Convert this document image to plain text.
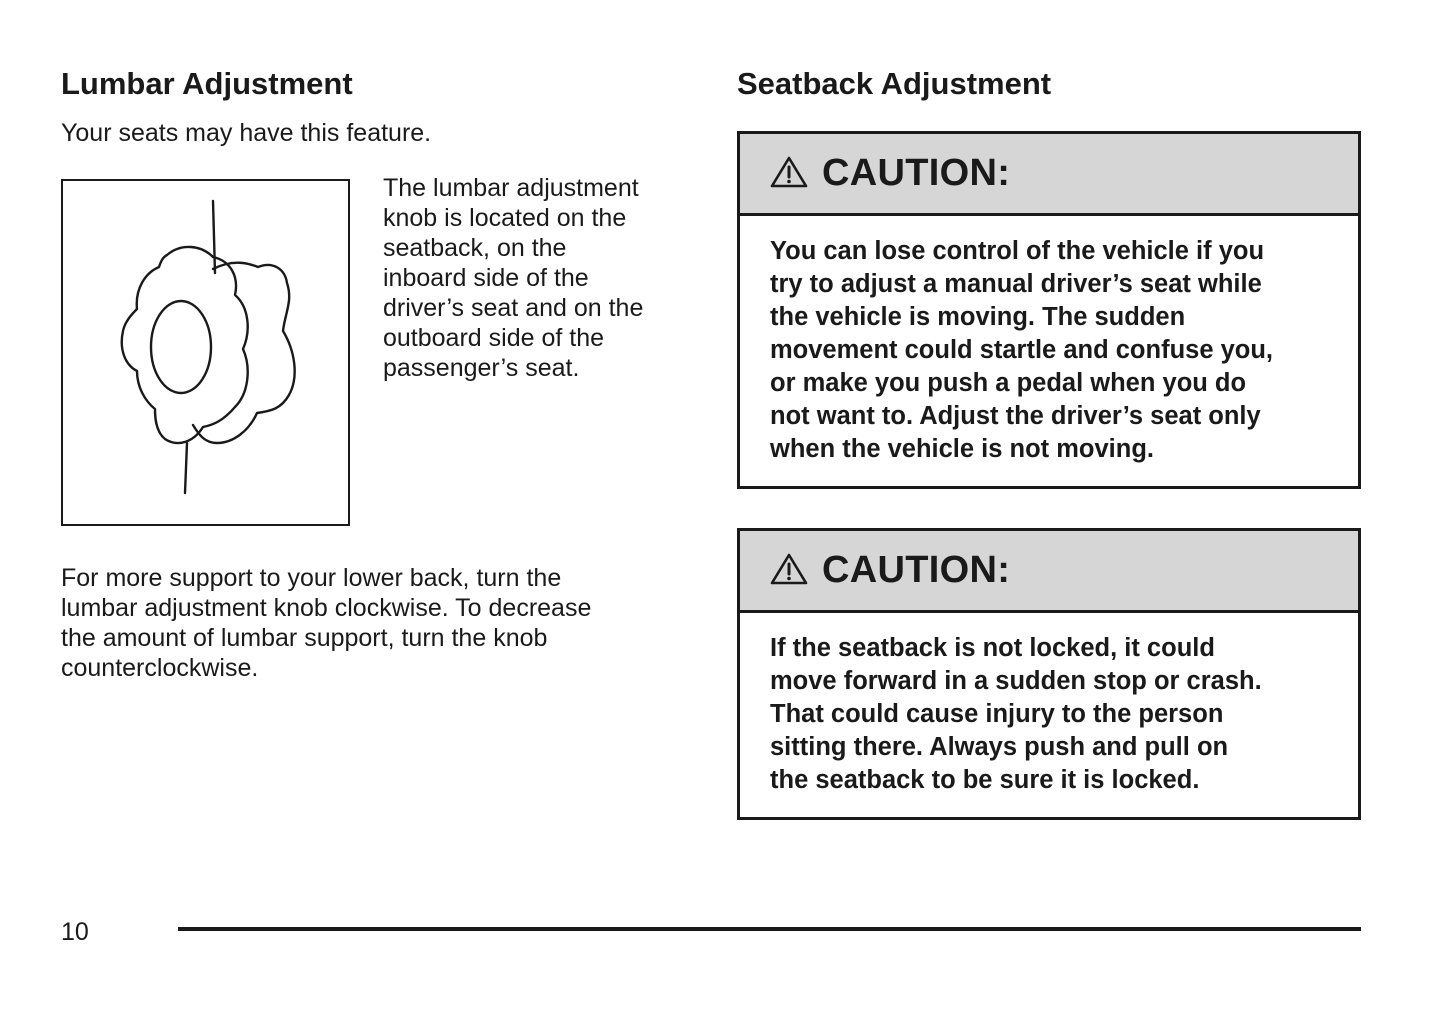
Lumbar Adjustment

Your seats may have this feature.

The lumbar adjustment
knob is located on the
seatback, on the
inboard side of the
driver’s seat and on the
outboard side of the
passenger’s seat.
For more support to your lower back, turn the
lumbar adjustment knob clockwise. To decrease
the amount of lumbar support, turn the knob
counterclockwise.
Seatback Adjustment
CAUTION:
You can lose control of the vehicle if you
try to adjust a manual driver’s seat while
the vehicle is moving. The sudden
movement could startle and confuse you,
or make you push a pedal when you do
not want to. Adjust the driver’s seat only
when the vehicle is not moving.
CAUTION:
If the seatback is not locked, it could
move forward in a sudden stop or crash.
That could cause injury to the person
sitting there. Always push and pull on
the seatback to be sure it is locked.
10
